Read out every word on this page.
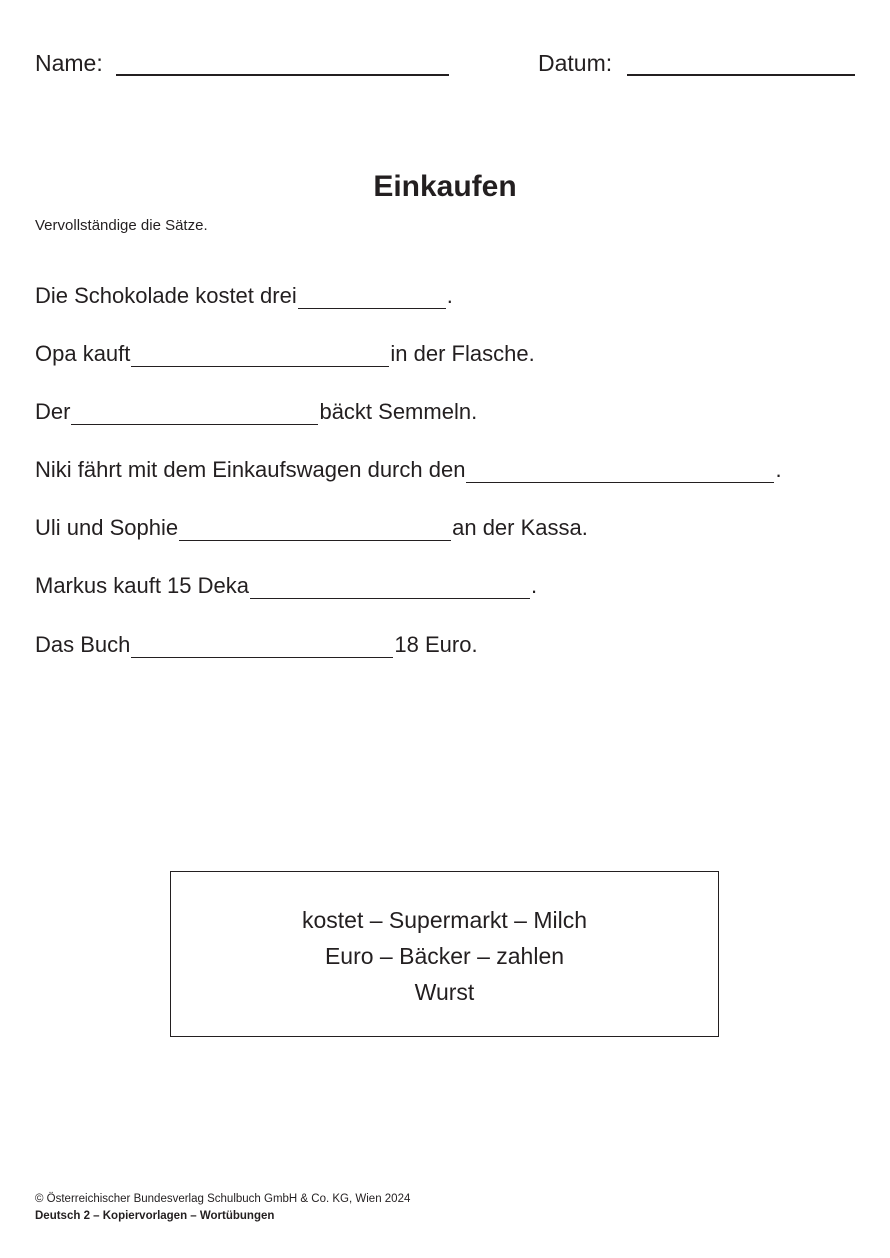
Name:	Datum:
Einkaufen
Vervollständige die Sätze.
Die Schokolade kostet drei	.
Opa kauft	in der Flasche.
Der	bäckt Semmeln.
Niki fährt mit dem Einkaufswagen durch den	.
Uli und Sophie	an der Kassa.
Markus kauft 15 Deka	.
Das Buch	18 Euro.
kostet – Supermarkt – Milch
Euro – Bäcker – zahlen
Wurst
© Österreichischer Bundesverlag Schulbuch GmbH & Co. KG, Wien 2024
Deutsch 2 – Kopiervorlagen – Wortübungen
